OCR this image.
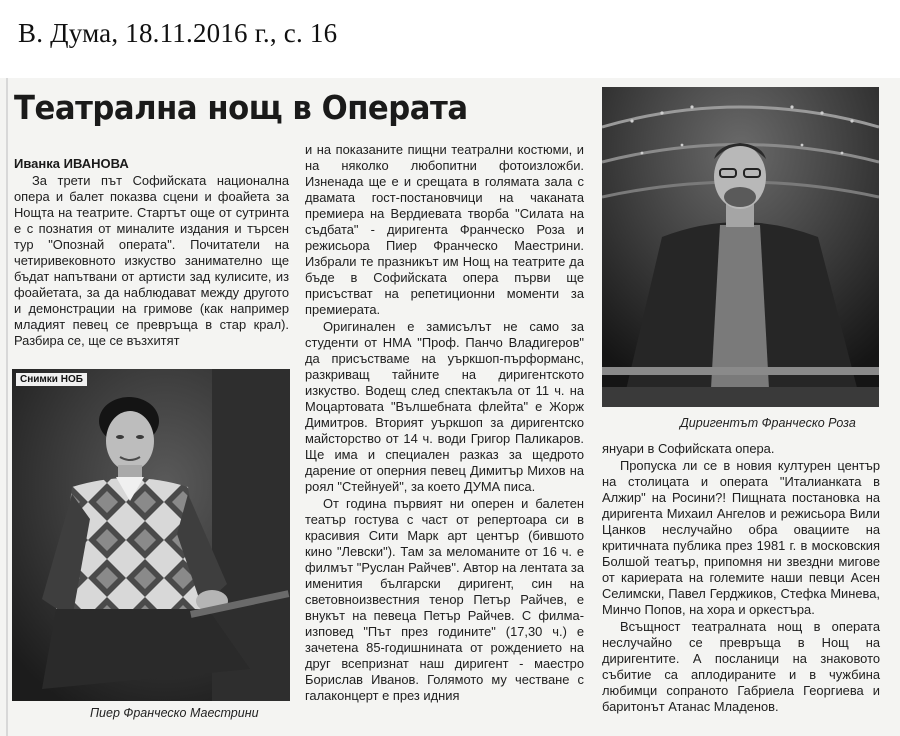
В. Дума, 18.11.2016 г., с. 16
Театрална нощ в Операта
Иванка ИВАНОВА

За трети път Софийската национална опера и балет показва сцени и фоайета за Нощта на театрите. Стартът още от сутринта е с познатия от миналите издания и търсен тур "Опознай операта". Почитатели на четиривековното изкуство занимателно ще бъдат напътвани от артисти зад кулисите, из фоайетата, за да наблюдават между другото и демонстрации на гримове (как например младият певец се превръща в стар крал). Разбира се, ще се възхитят

Снимки НОБ
Пиер Франческо Маестрини

и на показаните пищни театрални костюми, и на няколко любопитни фотоизложби. Изненада ще е и срещата в голямата зала с двамата гост-постановчици на чаканата премиера на Вердиевата творба "Силата на съдбата" - диригента Франческо Роза и режисьора Пиер Франческо Маестрини. Избрали те празникът им Нощ на театрите да бъде в Софийската опера първи ще присъстват на репетиционни моменти за премиерата.

Оригинален е замисълът не само за студенти от НМА "Проф. Панчо Владигеров" да присъстваме на уъркшоп-пърформанс, разкриващ тайните на диригентското изкуство. Водещ след спектакъла от 11 ч. на Моцартовата "Вълшебната флейта" е Жорж Димитров. Вторият уъркшоп за диригентско майсторство от 14 ч. води Григор Паликаров. Ще има и специален разказ за щедрото дарение от оперния певец Димитър Михов на роял "Стейнуей", за което ДУМА писа.

От година първият ни оперен и балетен театър гостува с част от репертоара си в красивия Сити Марк арт център (бившото кино "Левски"). Там за меломаните от 16 ч. е филмът "Руслан Райчев". Автор на лентата за именития български диригент, син на световноизвестния тенор Петър Райчев, е внукът на певеца Петър Райчев. С филма-изповед "Път през годините" (17,30 ч.) е зачетена 85-годишнината от рождението на друг всепризнат наш диригент - маестро Борислав Иванов. Голямото му честване с галаконцерт е през идния

Диригентът Франческо Роза

януари в Софийската опера.

Пропуска ли се в новия културен център на столицата и операта "Италианката в Алжир" на Росини?! Пищната постановка на диригента Михаил Ангелов и режисьора Вили Цанков неслучайно обра овациите на критичната публика през 1981 г. в московския Болшой театър, припомня ни звездни мигове от кариерата на големите наши певци Асен Селимски, Павел Герджиков, Стефка Минева, Минчо Попов, на хора и оркестъра.

Всъщност театралната нощ в операта неслучайно се превръща в Нощ на диригентите. А посланици на знаковото събитие са аплодираните и в чужбина любимци сопраното Габриела Георгиева и баритонът Атанас Младенов.
